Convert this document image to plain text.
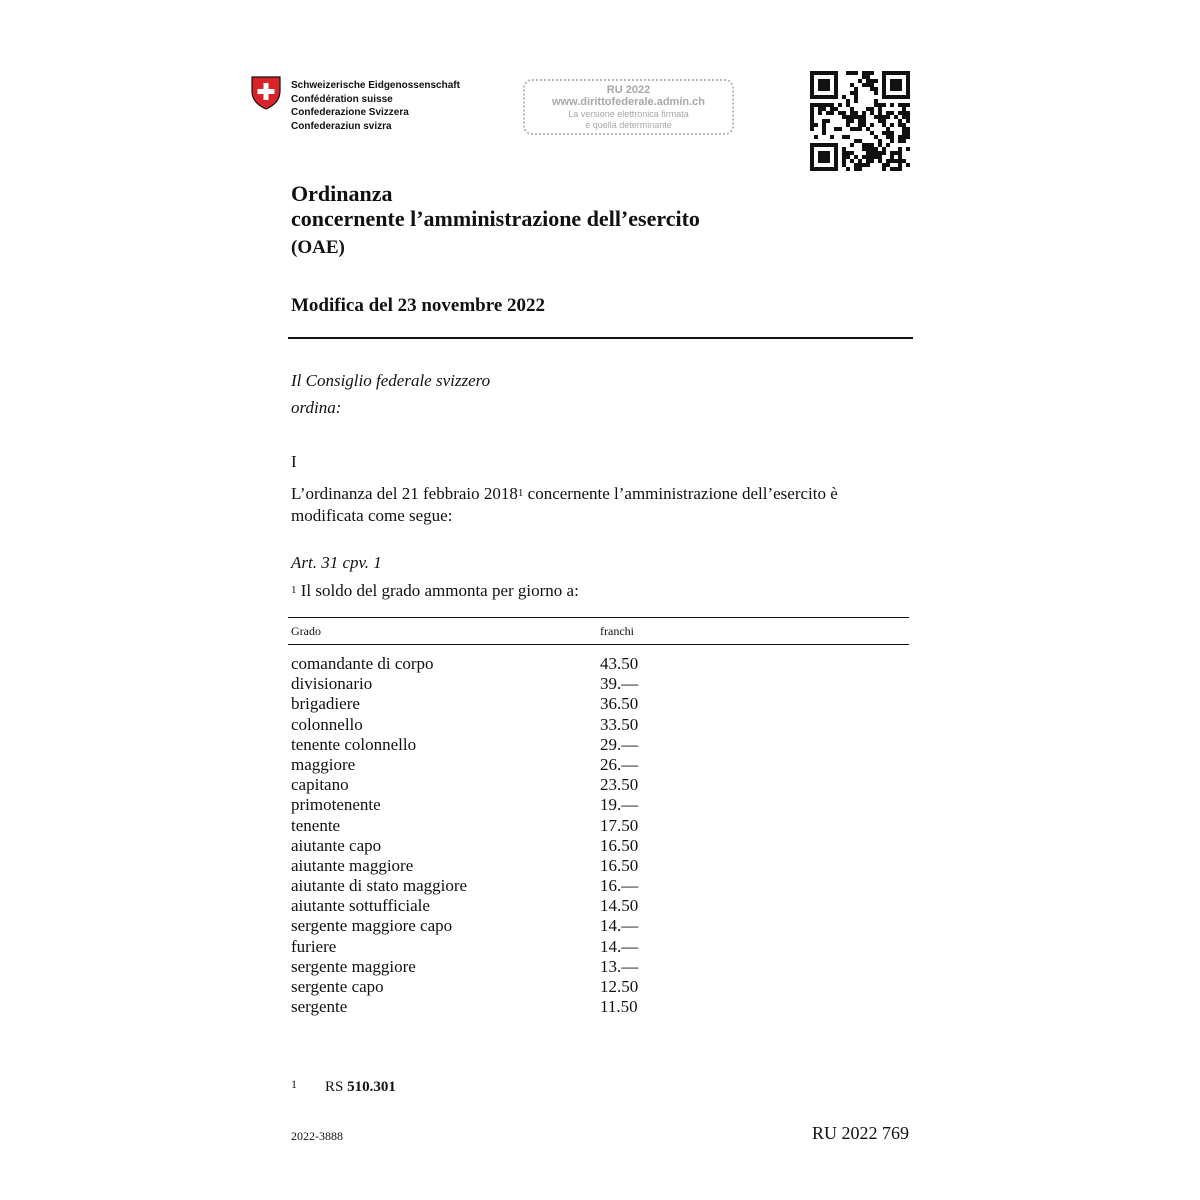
Schweizerische Eidgenossenschaft
Confédération suisse
Confederazione Svizzera
Confederaziun svizra
RU 2022
www.dirittofederale.admin.ch
La versione elettronica firmata
è quella determinante
Ordinanza
concernente l’amministrazione dell’esercito
(OAE)
Modifica del 23 novembre 2022
Il Consiglio federale svizzero
ordina:
I
L’ordinanza del 21 febbraio 2018$^1$ concernente l’amministrazione dell’esercito è modificata come segue:
Art. 31 cpv. 1
$^1$ Il soldo del grado ammonta per giorno a:
Grado	franchi
comandante di corpo	43.50
divisionario	39.—
brigadiere	36.50
colonnello	33.50
tenente colonnello	29.—
maggiore	26.—
capitano	23.50
primotenente	19.—
tenente	17.50
aiutante capo	16.50
aiutante maggiore	16.50
aiutante di stato maggiore	16.—
aiutante sottufficiale	14.50
sergente maggiore capo	14.—
furiere	14.—
sergente maggiore	13.—
sergente capo	12.50
sergente	11.50
1 RS 510.301
2022-3888	RU 2022 769
